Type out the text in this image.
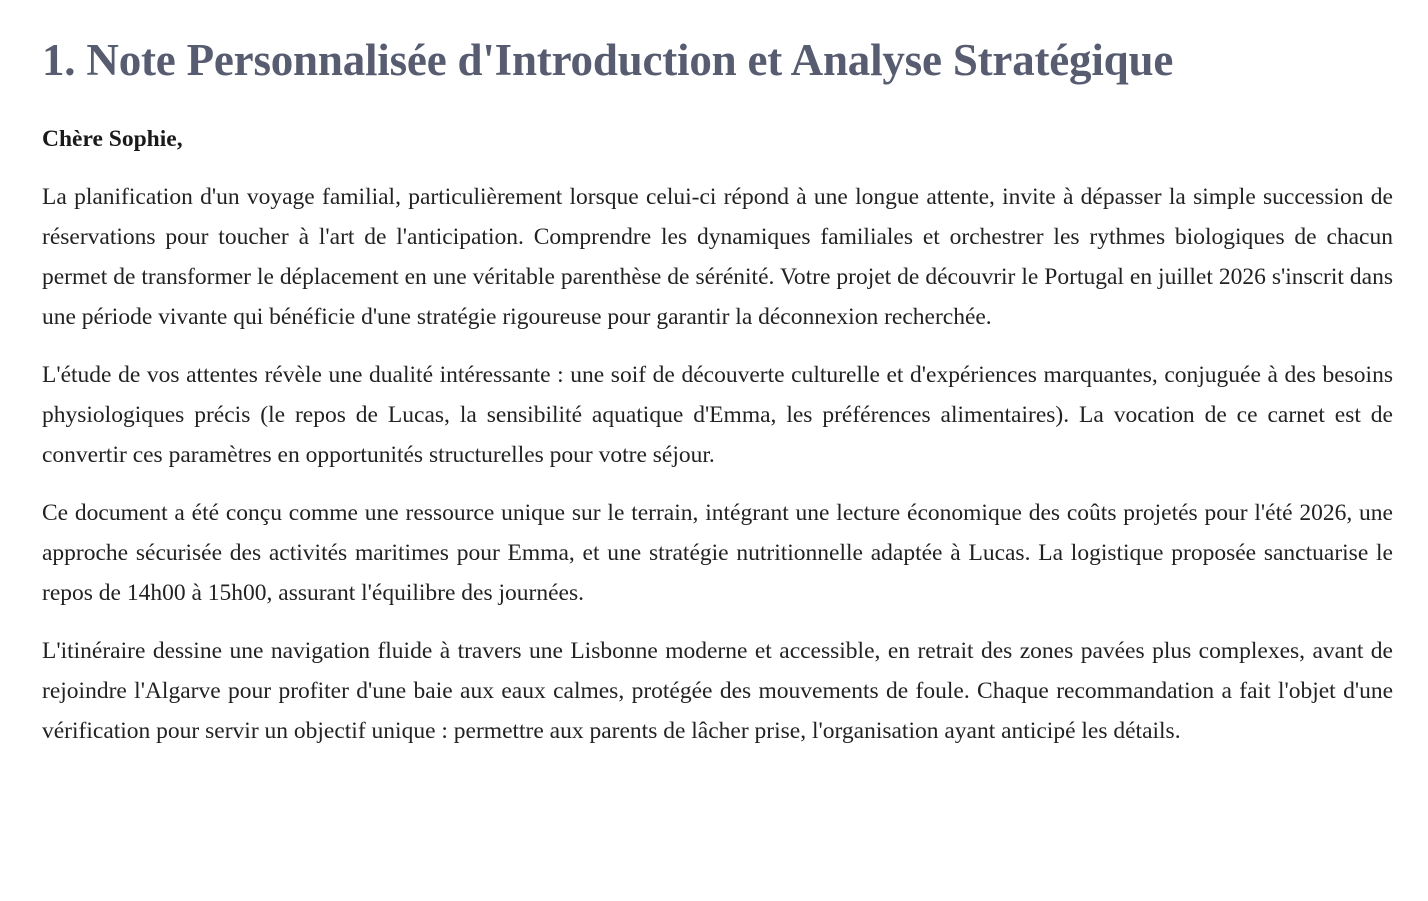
1. Note Personnalisée d'Introduction et Analyse Stratégique

Chère Sophie,

La planification d'un voyage familial, particulièrement lorsque celui-ci répond à une longue attente, invite à dépasser la simple succession de réservations pour toucher à l'art de l'anticipation. Comprendre les dynamiques familiales et orchestrer les rythmes biologiques de chacun permet de transformer le déplacement en une véritable parenthèse de sérénité. Votre projet de découvrir le Portugal en juillet 2026 s'inscrit dans une période vivante qui bénéficie d'une stratégie rigoureuse pour garantir la déconnexion recherchée.

L'étude de vos attentes révèle une dualité intéressante : une soif de découverte culturelle et d'expériences marquantes, conjuguée à des besoins physiologiques précis (le repos de Lucas, la sensibilité aquatique d'Emma, les préférences alimentaires). La vocation de ce carnet est de convertir ces paramètres en opportunités structurelles pour votre séjour.

Ce document a été conçu comme une ressource unique sur le terrain, intégrant une lecture économique des coûts projetés pour l'été 2026, une approche sécurisée des activités maritimes pour Emma, et une stratégie nutritionnelle adaptée à Lucas. La logistique proposée sanctuarise le repos de 14h00 à 15h00, assurant l'équilibre des journées.

L'itinéraire dessine une navigation fluide à travers une Lisbonne moderne et accessible, en retrait des zones pavées plus complexes, avant de rejoindre l'Algarve pour profiter d'une baie aux eaux calmes, protégée des mouvements de foule. Chaque recommandation a fait l'objet d'une vérification pour servir un objectif unique : permettre aux parents de lâcher prise, l'organisation ayant anticipé les détails.
